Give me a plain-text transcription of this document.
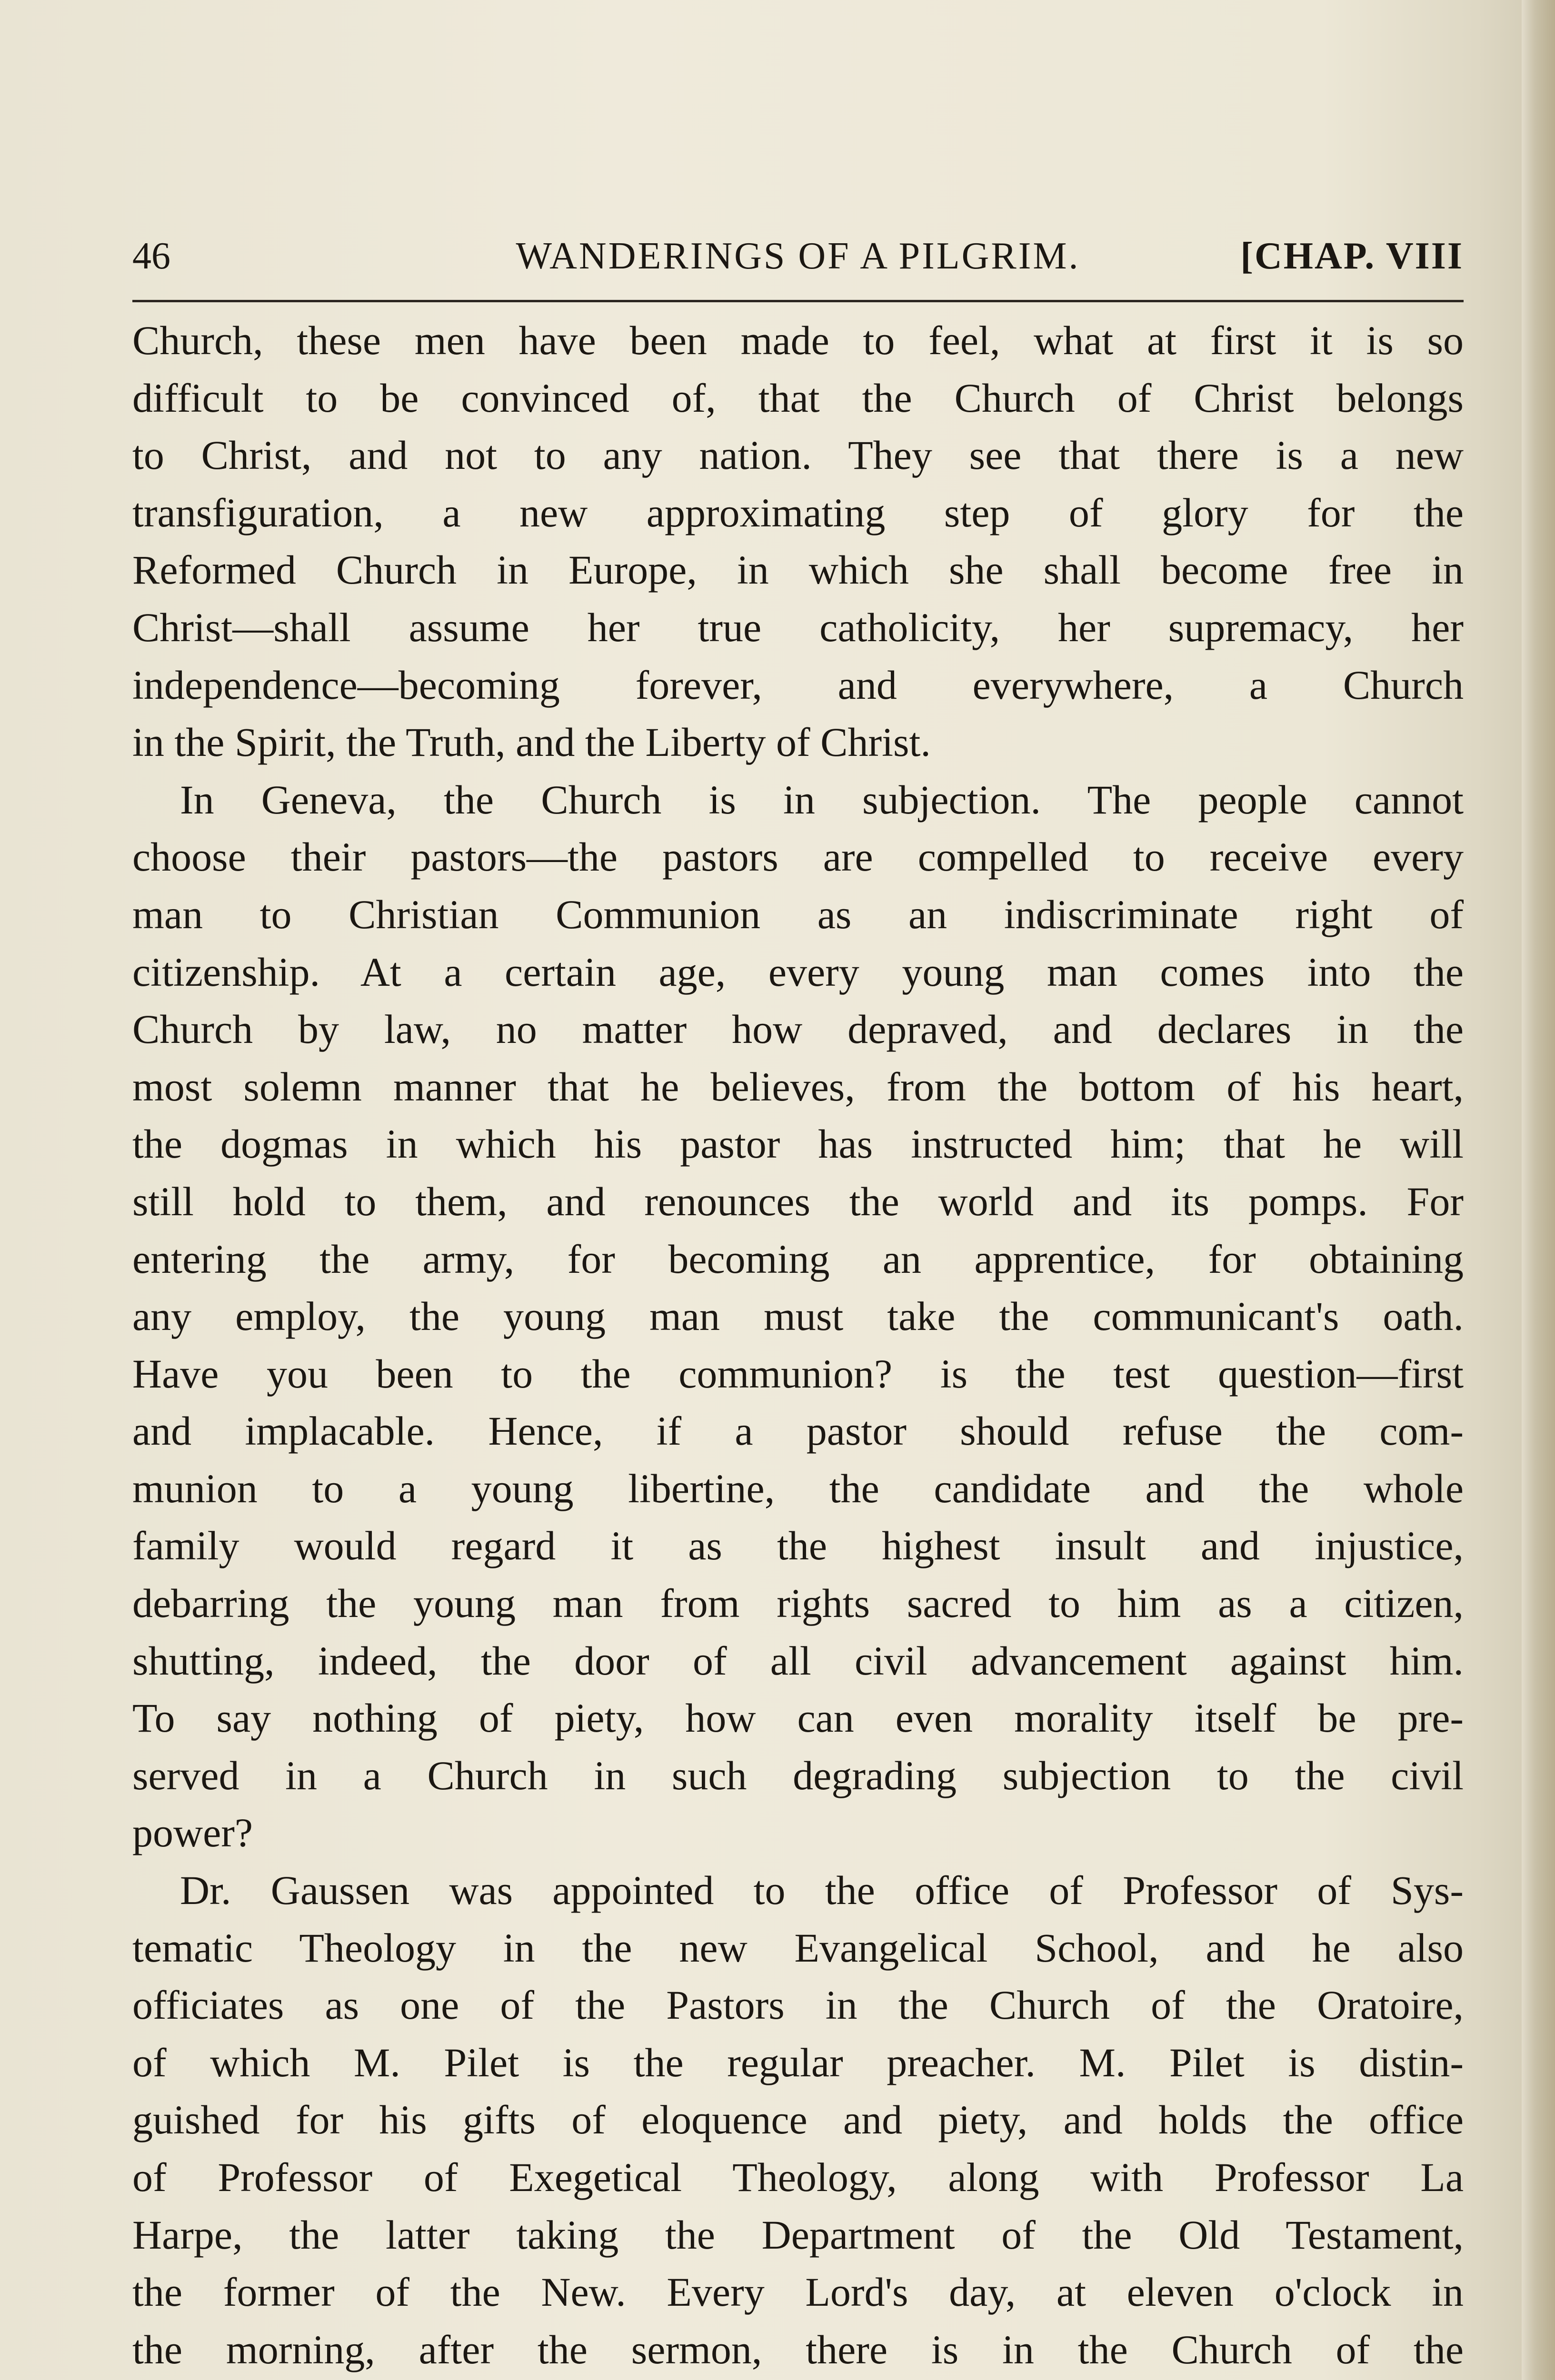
46	WANDERINGS OF A PILGRIM.	[CHAP. VIII
Church, these men have been made to feel, what at first it is so
difficult to be convinced of, that the Church of Christ belongs
to Christ, and not to any nation. They see that there is a new
transfiguration, a new approximating step of glory for the
Reformed Church in Europe, in which she shall become free in
Christ—shall assume her true catholicity, her supremacy, her
independence—becoming forever, and everywhere, a Church
in the Spirit, the Truth, and the Liberty of Christ.
In Geneva, the Church is in subjection. The people cannot
choose their pastors—the pastors are compelled to receive every
man to Christian Communion as an indiscriminate right of
citizenship. At a certain age, every young man comes into the
Church by law, no matter how depraved, and declares in the
most solemn manner that he believes, from the bottom of his heart,
the dogmas in which his pastor has instructed him; that he will
still hold to them, and renounces the world and its pomps. For
entering the army, for becoming an apprentice, for obtaining
any employ, the young man must take the communicant's oath.
Have you been to the communion? is the test question—first
and implacable. Hence, if a pastor should refuse the com-
munion to a young libertine, the candidate and the whole
family would regard it as the highest insult and injustice,
debarring the young man from rights sacred to him as a citizen,
shutting, indeed, the door of all civil advancement against him.
To say nothing of piety, how can even morality itself be pre-
served in a Church in such degrading subjection to the civil
power?
Dr. Gaussen was appointed to the office of Professor of Sys-
tematic Theology in the new Evangelical School, and he also
officiates as one of the Pastors in the Church of the Oratoire,
of which M. Pilet is the regular preacher. M. Pilet is distin-
guished for his gifts of eloquence and piety, and holds the office
of Professor of Exegetical Theology, along with Professor La
Harpe, the latter taking the Department of the Old Testament,
the former of the New. Every Lord's day, at eleven o'clock in
the morning, after the sermon, there is in the Church of the
